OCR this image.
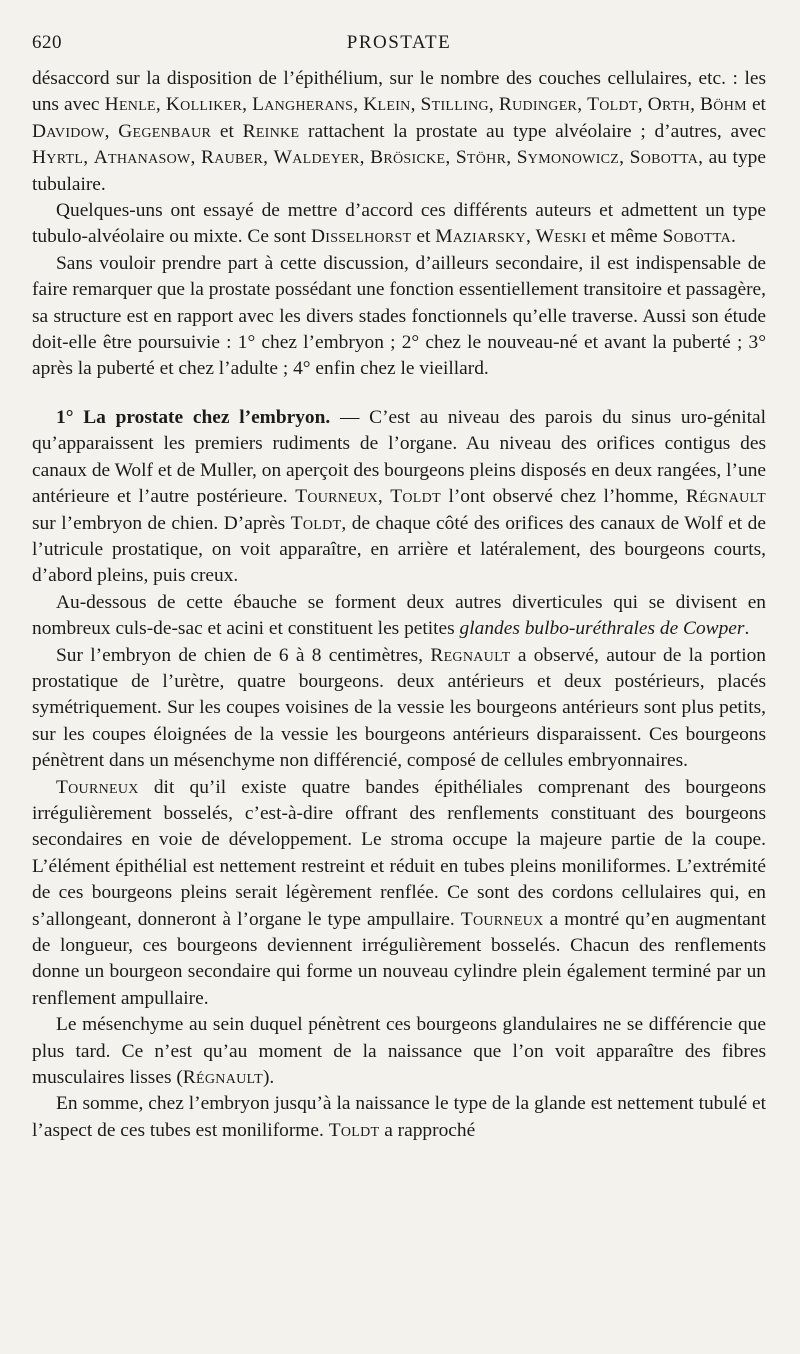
620	PROSTATE

désaccord sur la disposition de l’épithélium, sur le nombre des couches cellulaires, etc. : les uns avec Henle, Kolliker, Langherans, Klein, Stilling, Rudinger, Toldt, Orth, Böhm et Davidow, Gegenbaur et Reinke rattachent la prostate au type alvéolaire ; d’autres, avec Hyrtl, Athanasow, Rauber, Waldeyer, Brösicke, Stöhr, Symonowicz, Sobotta, au type tubulaire.

Quelques-uns ont essayé de mettre d’accord ces différents auteurs et admettent un type tubulo-alvéolaire ou mixte. Ce sont Disselhorst et Maziarsky, Weski et même Sobotta.

Sans vouloir prendre part à cette discussion, d’ailleurs secondaire, il est indispensable de faire remarquer que la prostate possédant une fonction essentiellement transitoire et passagère, sa structure est en rapport avec les divers stades fonctionnels qu’elle traverse. Aussi son étude doit-elle être poursuivie : 1° chez l’embryon ; 2° chez le nouveau-né et avant la puberté ; 3° après la puberté et chez l’adulte ; 4° enfin chez le vieillard.

1° La prostate chez l’embryon. — C’est au niveau des parois du sinus uro-génital qu’apparaissent les premiers rudiments de l’organe. Au niveau des orifices contigus des canaux de Wolf et de Muller, on aperçoit des bourgeons pleins disposés en deux rangées, l’une antérieure et l’autre postérieure. Tourneux, Toldt l’ont observé chez l’homme, Régnault sur l’embryon de chien. D’après Toldt, de chaque côté des orifices des canaux de Wolf et de l’utricule prostatique, on voit apparaître, en arrière et latéralement, des bourgeons courts, d’abord pleins, puis creux.

Au-dessous de cette ébauche se forment deux autres diverticules qui se divisent en nombreux culs-de-sac et acini et constituent les petites glandes bulbo-uréthrales de Cowper.

Sur l’embryon de chien de 6 à 8 centimètres, Regnault a observé, autour de la portion prostatique de l’urètre, quatre bourgeons. deux antérieurs et deux postérieurs, placés symétriquement. Sur les coupes voisines de la vessie les bourgeons antérieurs sont plus petits, sur les coupes éloignées de la vessie les bourgeons antérieurs disparaissent. Ces bourgeons pénètrent dans un mésenchyme non différencié, composé de cellules embryonnaires.

Tourneux dit qu’il existe quatre bandes épithéliales comprenant des bourgeons irrégulièrement bosselés, c’est-à-dire offrant des renflements constituant des bourgeons secondaires en voie de développement. Le stroma occupe la majeure partie de la coupe. L’élément épithélial est nettement restreint et réduit en tubes pleins moniliformes. L’extrémité de ces bourgeons pleins serait légèrement renflée. Ce sont des cordons cellulaires qui, en s’allongeant, donneront à l’organe le type ampullaire. Tourneux a montré qu’en augmentant de longueur, ces bourgeons deviennent irrégulièrement bosselés. Chacun des renflements donne un bourgeon secondaire qui forme un nouveau cylindre plein également terminé par un renflement ampullaire.

Le mésenchyme au sein duquel pénètrent ces bourgeons glandulaires ne se différencie que plus tard. Ce n’est qu’au moment de la naissance que l’on voit apparaître des fibres musculaires lisses (Régnault).

En somme, chez l’embryon jusqu’à la naissance le type de la glande est nettement tubulé et l’aspect de ces tubes est moniliforme. Toldt a rapproché
